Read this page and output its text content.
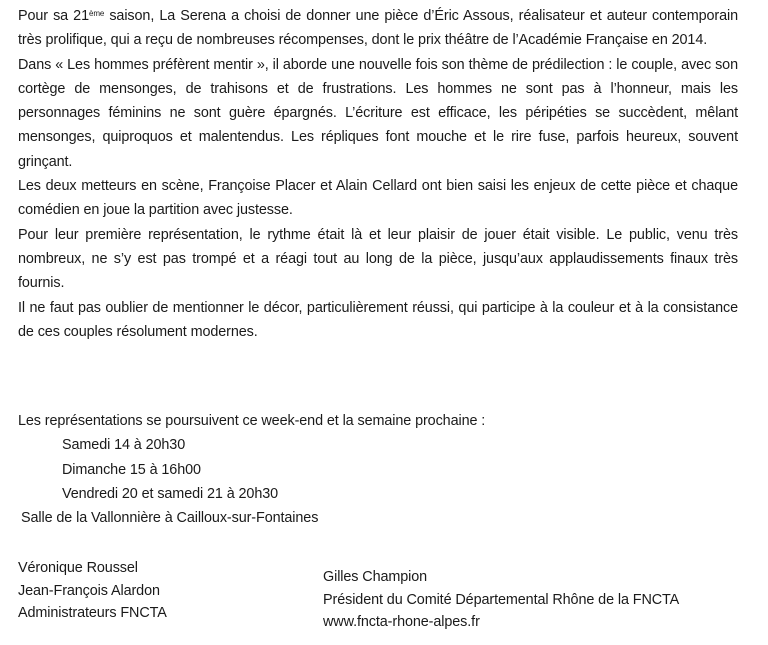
Pour sa 21ème saison, La Serena a choisi de donner une pièce d’Éric Assous, réalisateur et auteur contemporain très prolifique, qui a reçu de nombreuses récompenses, dont le prix théâtre de l’Académie Française en 2014.

Dans « Les hommes préfèrent mentir », il aborde une nouvelle fois son thème de prédilection : le couple, avec son cortège de mensonges, de trahisons et de frustrations. Les hommes ne sont pas à l’honneur, mais les personnages féminins ne sont guère épargnés. L’écriture est efficace, les péripéties se succèdent, mêlant mensonges, quiproquos et malentendus. Les répliques font mouche et le rire fuse, parfois heureux, souvent grinçant.

Les deux metteurs en scène, Françoise Placer et Alain Cellard ont bien saisi les enjeux de cette pièce et chaque comédien en joue la partition avec justesse.

Pour leur première représentation, le rythme était là et leur plaisir de jouer était visible. Le public, venu très nombreux, ne s’y est pas trompé et a réagi tout au long de la pièce, jusqu’aux applaudissements finaux très fournis.

Il ne faut pas oublier de mentionner le décor, particulièrement réussi, qui participe à la couleur et à la consistance de ces couples résolument modernes.

Les représentations se poursuivent ce week-end et la semaine prochaine :
Samedi 14 à 20h30
Dimanche 15 à 16h00
Vendredi 20 et samedi 21 à 20h30
Salle de la Vallonnière à Cailloux-sur-Fontaines
Véronique Roussel
Jean-François Alardon
Administrateurs FNCTA
Gilles Champion
Président du Comité Départemental Rhône de la FNCTA
www.fncta-rhone-alpes.fr
